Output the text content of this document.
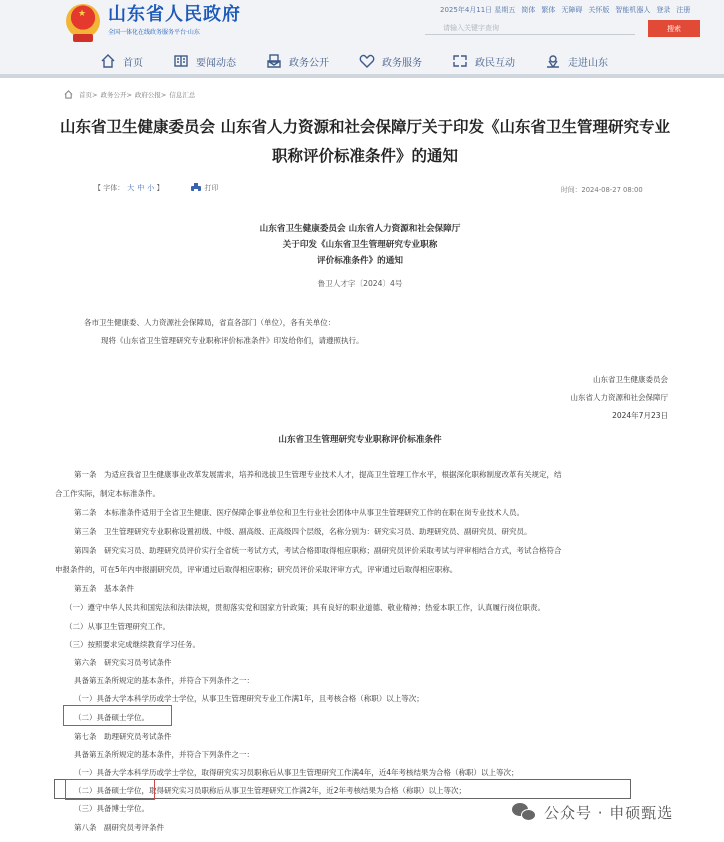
★ 山东省人民政府
全国一体化在线政务服务平台·山东
2025年4月11日 星期五 简体 繁体 无障碍 关怀版 智能机器人 登录 注册
请输入关键字查询	搜索
首页	要闻动态	政务公开	政务服务	政民互动	走进山东
首页> 政务公开> 政府公报> 信息汇总
山东省卫生健康委员会 山东省人力资源和社会保障厅关于印发《山东省卫生管理研究专业职称评价标准条件》的通知
【 字体： 大 中 小 】	打印	时间：2024-08-27 08:00
山东省卫生健康委员会 山东省人力资源和社会保障厅
关于印发《山东省卫生管理研究专业职称
评价标准条件》的通知
鲁卫人才字〔2024〕4号
各市卫生健康委、人力资源社会保障局，省直各部门（单位），各有关单位：
现将《山东省卫生管理研究专业职称评价标准条件》印发给你们，请遵照执行。
山东省卫生健康委员会
山东省人力资源和社会保障厅
2024年7月23日
山东省卫生管理研究专业职称评价标准条件
第一条　为适应我省卫生健康事业改革发展需求，培养和选拔卫生管理专业技术人才，提高卫生管理工作水平，根据深化职称制度改革有关规定，结
合工作实际，制定本标准条件。
第二条　本标准条件适用于全省卫生健康、医疗保障企事业单位和卫生行业社会团体中从事卫生管理研究工作的在职在岗专业技术人员。
第三条　卫生管理研究专业职称设置初级、中级、副高级、正高级四个层级，名称分别为：研究实习员、助理研究员、副研究员、研究员。
第四条　研究实习员、助理研究员评价实行全省统一考试方式，考试合格即取得相应职称；副研究员评价采取考试与评审相结合方式，考试合格符合
申报条件的，可在5年内申报副研究员，评审通过后取得相应职称；研究员评价采取评审方式，评审通过后取得相应职称。
第五条　基本条件
（一）遵守中华人民共和国宪法和法律法规，贯彻落实党和国家方针政策；具有良好的职业道德、敬业精神；热爱本职工作，认真履行岗位职责。
（二）从事卫生管理研究工作。
（三）按照要求完成继续教育学习任务。
第六条　研究实习员考试条件
具备第五条所规定的基本条件，并符合下列条件之一：
（一）具备大学本科学历或学士学位，从事卫生管理研究专业工作满1年，且考核合格（称职）以上等次；
（二）具备硕士学位。
第七条　助理研究员考试条件
具备第五条所规定的基本条件，并符合下列条件之一：
（一）具备大学本科学历或学士学位，取得研究实习员职称后从事卫生管理研究工作满4年，近4年考核结果为合格（称职）以上等次；
（二）具备硕士学位，取得研究实习员职称后从事卫生管理研究工作满2年，近2年考核结果为合格（称职）以上等次；
（三）具备博士学位。
第八条　副研究员考评条件
公众号 · 申硕甄选
